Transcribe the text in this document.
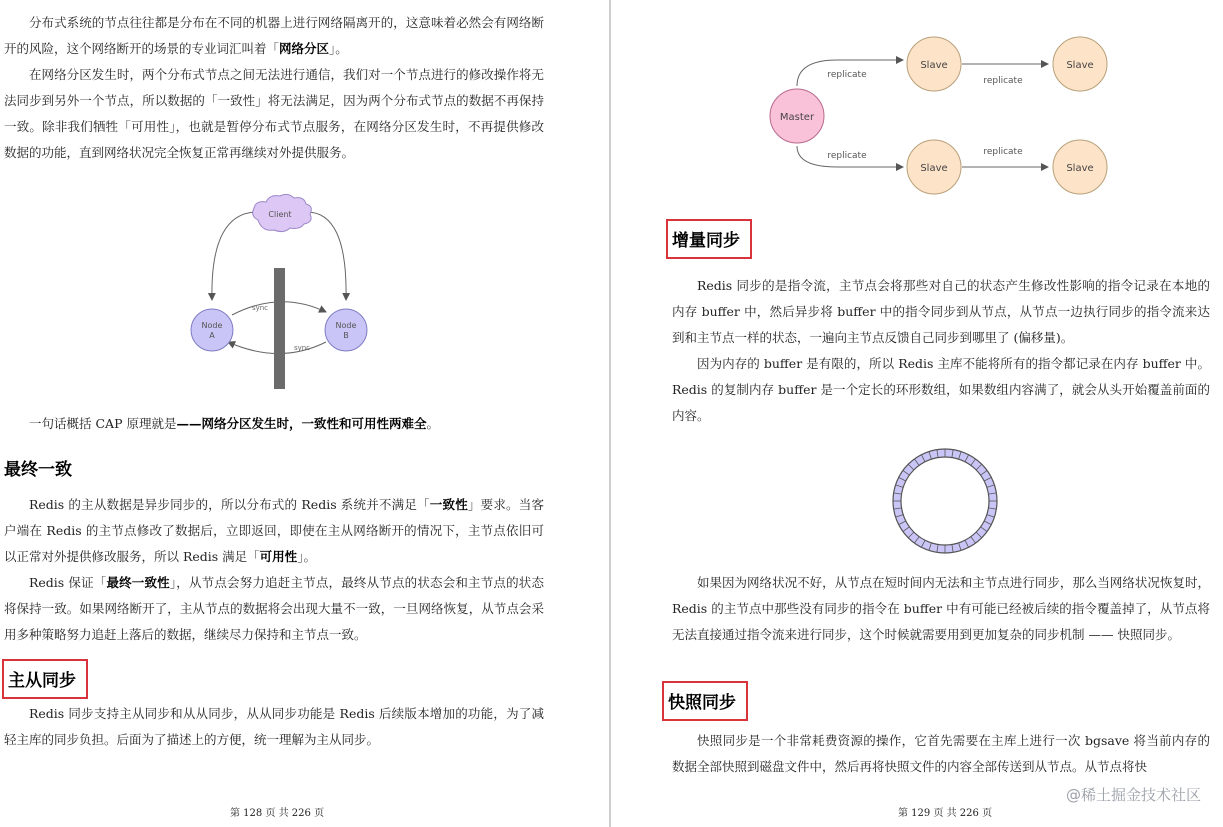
分布式系统的节点往往都是分布在不同的机器上进行网络隔离开的，这意味着必然会有网络断开的风险，这个网络断开的场景的专业词汇叫着「网络分区」。

在网络分区发生时，两个分布式节点之间无法进行通信，我们对一个节点进行的修改操作将无法同步到另外一个节点，所以数据的「一致性」将无法满足，因为两个分布式节点的数据不再保持一致。除非我们牺牲「可用性」，也就是暂停分布式节点服务，在网络分区发生时，不再提供修改数据的功能，直到网络状况完全恢复正常再继续对外提供服务。

Client
Node
A
Node
B
sync
sync

一句话概括 CAP 原理就是——网络分区发生时，一致性和可用性两难全。

最终一致

Redis 的主从数据是异步同步的，所以分布式的 Redis 系统并不满足「一致性」要求。当客户端在 Redis 的主节点修改了数据后，立即返回，即使在主从网络断开的情况下，主节点依旧可以正常对外提供修改服务，所以 Redis 满足「可用性」。

Redis 保证「最终一致性」，从节点会努力追赶主节点，最终从节点的状态会和主节点的状态将保持一致。如果网络断开了，主从节点的数据将会出现大量不一致，一旦网络恢复，从节点会采用多种策略努力追赶上落后的数据，继续尽力保持和主节点一致。

主从同步

Redis 同步支持主从同步和从从同步，从从同步功能是 Redis 后续版本增加的功能，为了减轻主库的同步负担。后面为了描述上的方便，统一理解为主从同步。

第 128 页 共 226 页
Master
Slave
Slave
Slave
Slave
replicate
replicate
replicate
replicate
增量同步

Redis 同步的是指令流，主节点会将那些对自己的状态产生修改性影响的指令记录在本地的内存 buffer 中，然后异步将 buffer 中的指令同步到从节点，从节点一边执行同步的指令流来达到和主节点一样的状态，一遍向主节点反馈自己同步到哪里了 (偏移量)。

因为内存的 buffer 是有限的，所以 Redis 主库不能将所有的指令都记录在内存 buffer 中。Redis 的复制内存 buffer 是一个定长的环形数组，如果数组内容满了，就会从头开始覆盖前面的内容。

如果因为网络状况不好，从节点在短时间内无法和主节点进行同步，那么当网络状况恢复时，Redis 的主节点中那些没有同步的指令在 buffer 中有可能已经被后续的指令覆盖掉了，从节点将无法直接通过指令流来进行同步，这个时候就需要用到更加复杂的同步机制 —— 快照同步。

快照同步

快照同步是一个非常耗费资源的操作，它首先需要在主库上进行一次 bgsave 将当前内存的数据全部快照到磁盘文件中，然后再将快照文件的内容全部传送到从节点。从节点将快

第 129 页 共 226 页
@稀土掘金技术社区
